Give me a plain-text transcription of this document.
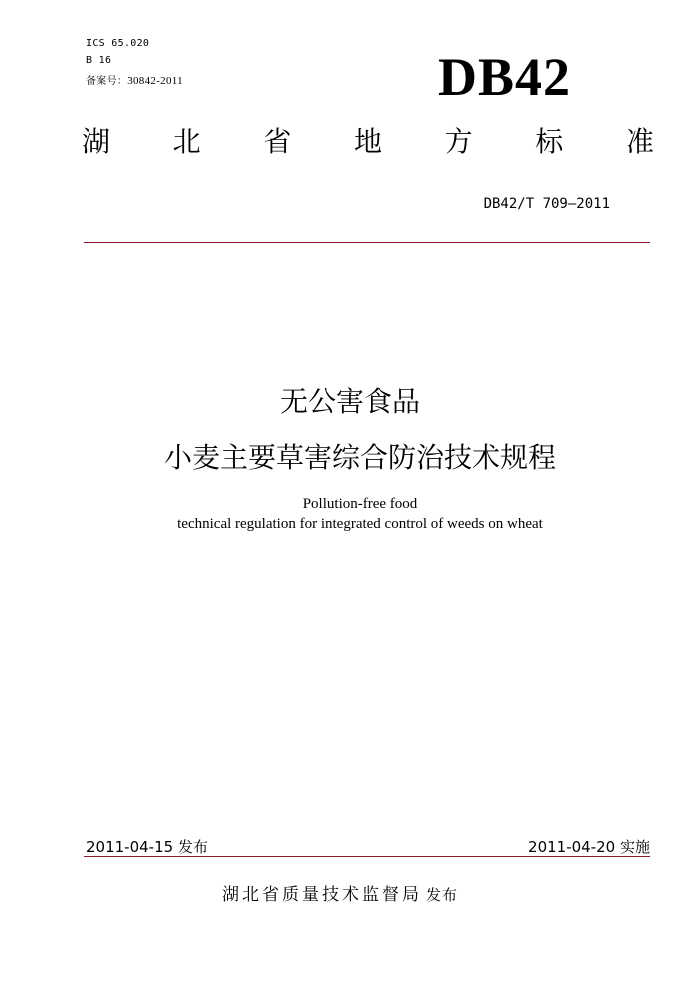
ICS 65.020
B 16
备案号：30842-2011	DB42
湖 北 省 地 方 标 准
DB42/T 709—2011
无公害食品
小麦主要草害综合防治技术规程
Pollution-free food
technical regulation for integrated control of weeds on wheat
2011-04-15 发布	2011-04-20 实施
湖北省质量技术监督局 发布
